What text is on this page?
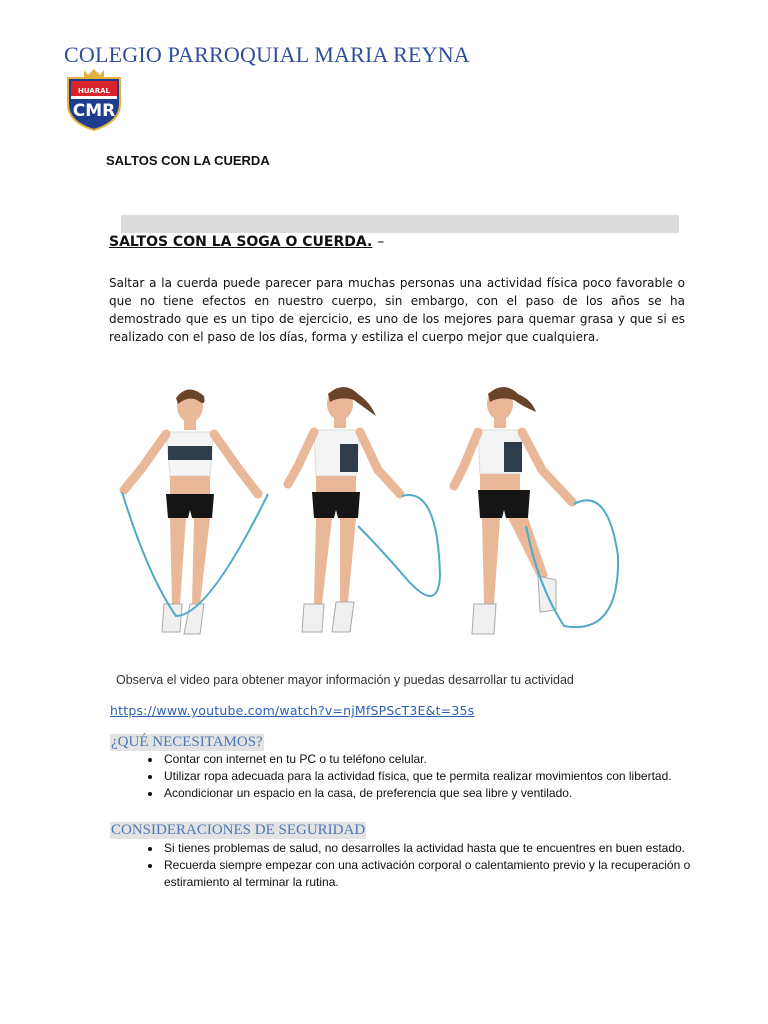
COLEGIO PARROQUIAL MARIA REYNA
HUARAL
CMR
SALTOS CON LA CUERDA
SALTOS CON LA SOGA O CUERDA. –
Saltar a la cuerda puede parecer para muchas personas una actividad física poco favorable o que no tiene efectos en nuestro cuerpo, sin embargo, con el paso de los años se ha demostrado que es un tipo de ejercicio, es uno de los mejores para quemar grasa y que si es realizado con el paso de los días, forma y estiliza el cuerpo mejor que cualquiera.
Observa el video para obtener mayor información y puedas desarrollar tu actividad
https://www.youtube.com/watch?v=njMfSPScT3E&t=35s
¿QUÉ NECESITAMOS?
• Contar con internet en tu PC o tu teléfono celular.
• Utilizar ropa adecuada para la actividad física, que te permita realizar movimientos con libertad.
• Acondicionar un espacio en la casa, de preferencia que sea libre y ventilado.
CONSIDERACIONES DE SEGURIDAD
• Si tienes problemas de salud, no desarrolles la actividad hasta que te encuentres en buen estado.
• Recuerda siempre empezar con una activación corporal o calentamiento previo y la recuperación o estiramiento al terminar la rutina.
